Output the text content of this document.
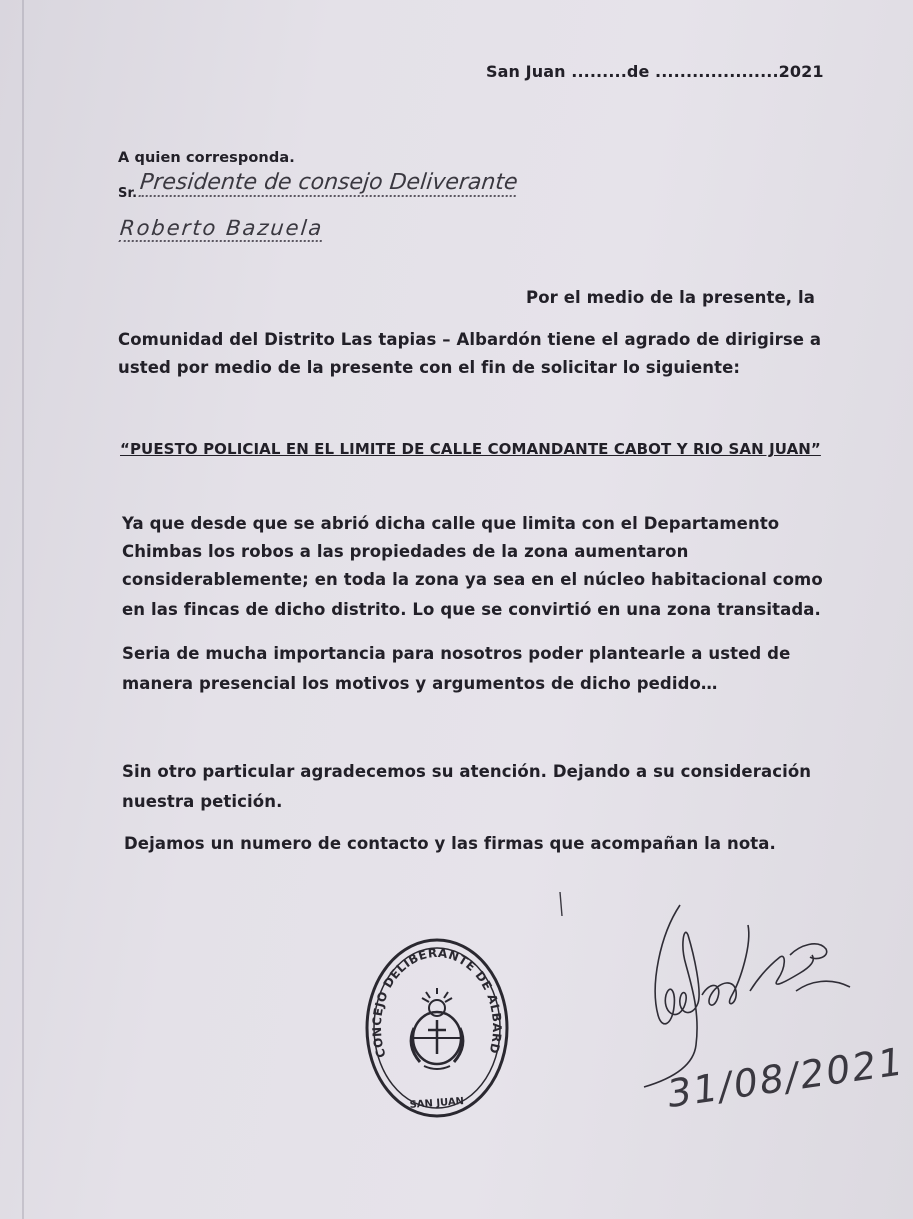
San Juan .........de ....................2021
A quien corresponda.
Sr. Presidente de consejo Deliverante
Roberto Bazuela
Por el medio de la presente, la
Comunidad del Distrito Las tapias – Albardón tiene el agrado de dirigirse a
usted por medio de la presente con el fin de solicitar lo siguiente:
“PUESTO POLICIAL EN EL LIMITE DE CALLE COMANDANTE CABOT Y RIO SAN JUAN”
Ya que desde que se abrió dicha calle que limita con el Departamento
Chimbas los robos a las propiedades de la zona aumentaron
considerablemente; en toda la zona ya sea en el núcleo habitacional como
en las fincas de dicho distrito. Lo que se convirtió en una zona transitada.
Seria de mucha importancia para nosotros poder plantearle a usted de
manera presencial los motivos y argumentos de dicho pedido…
Sin otro particular agradecemos su atención. Dejando a su consideración
nuestra petición.
Dejamos un numero de contacto y las firmas que acompañan la nota.
CONCEJO DELIBERANTE DE ALBARDON
SAN JUAN	31/08/2021
